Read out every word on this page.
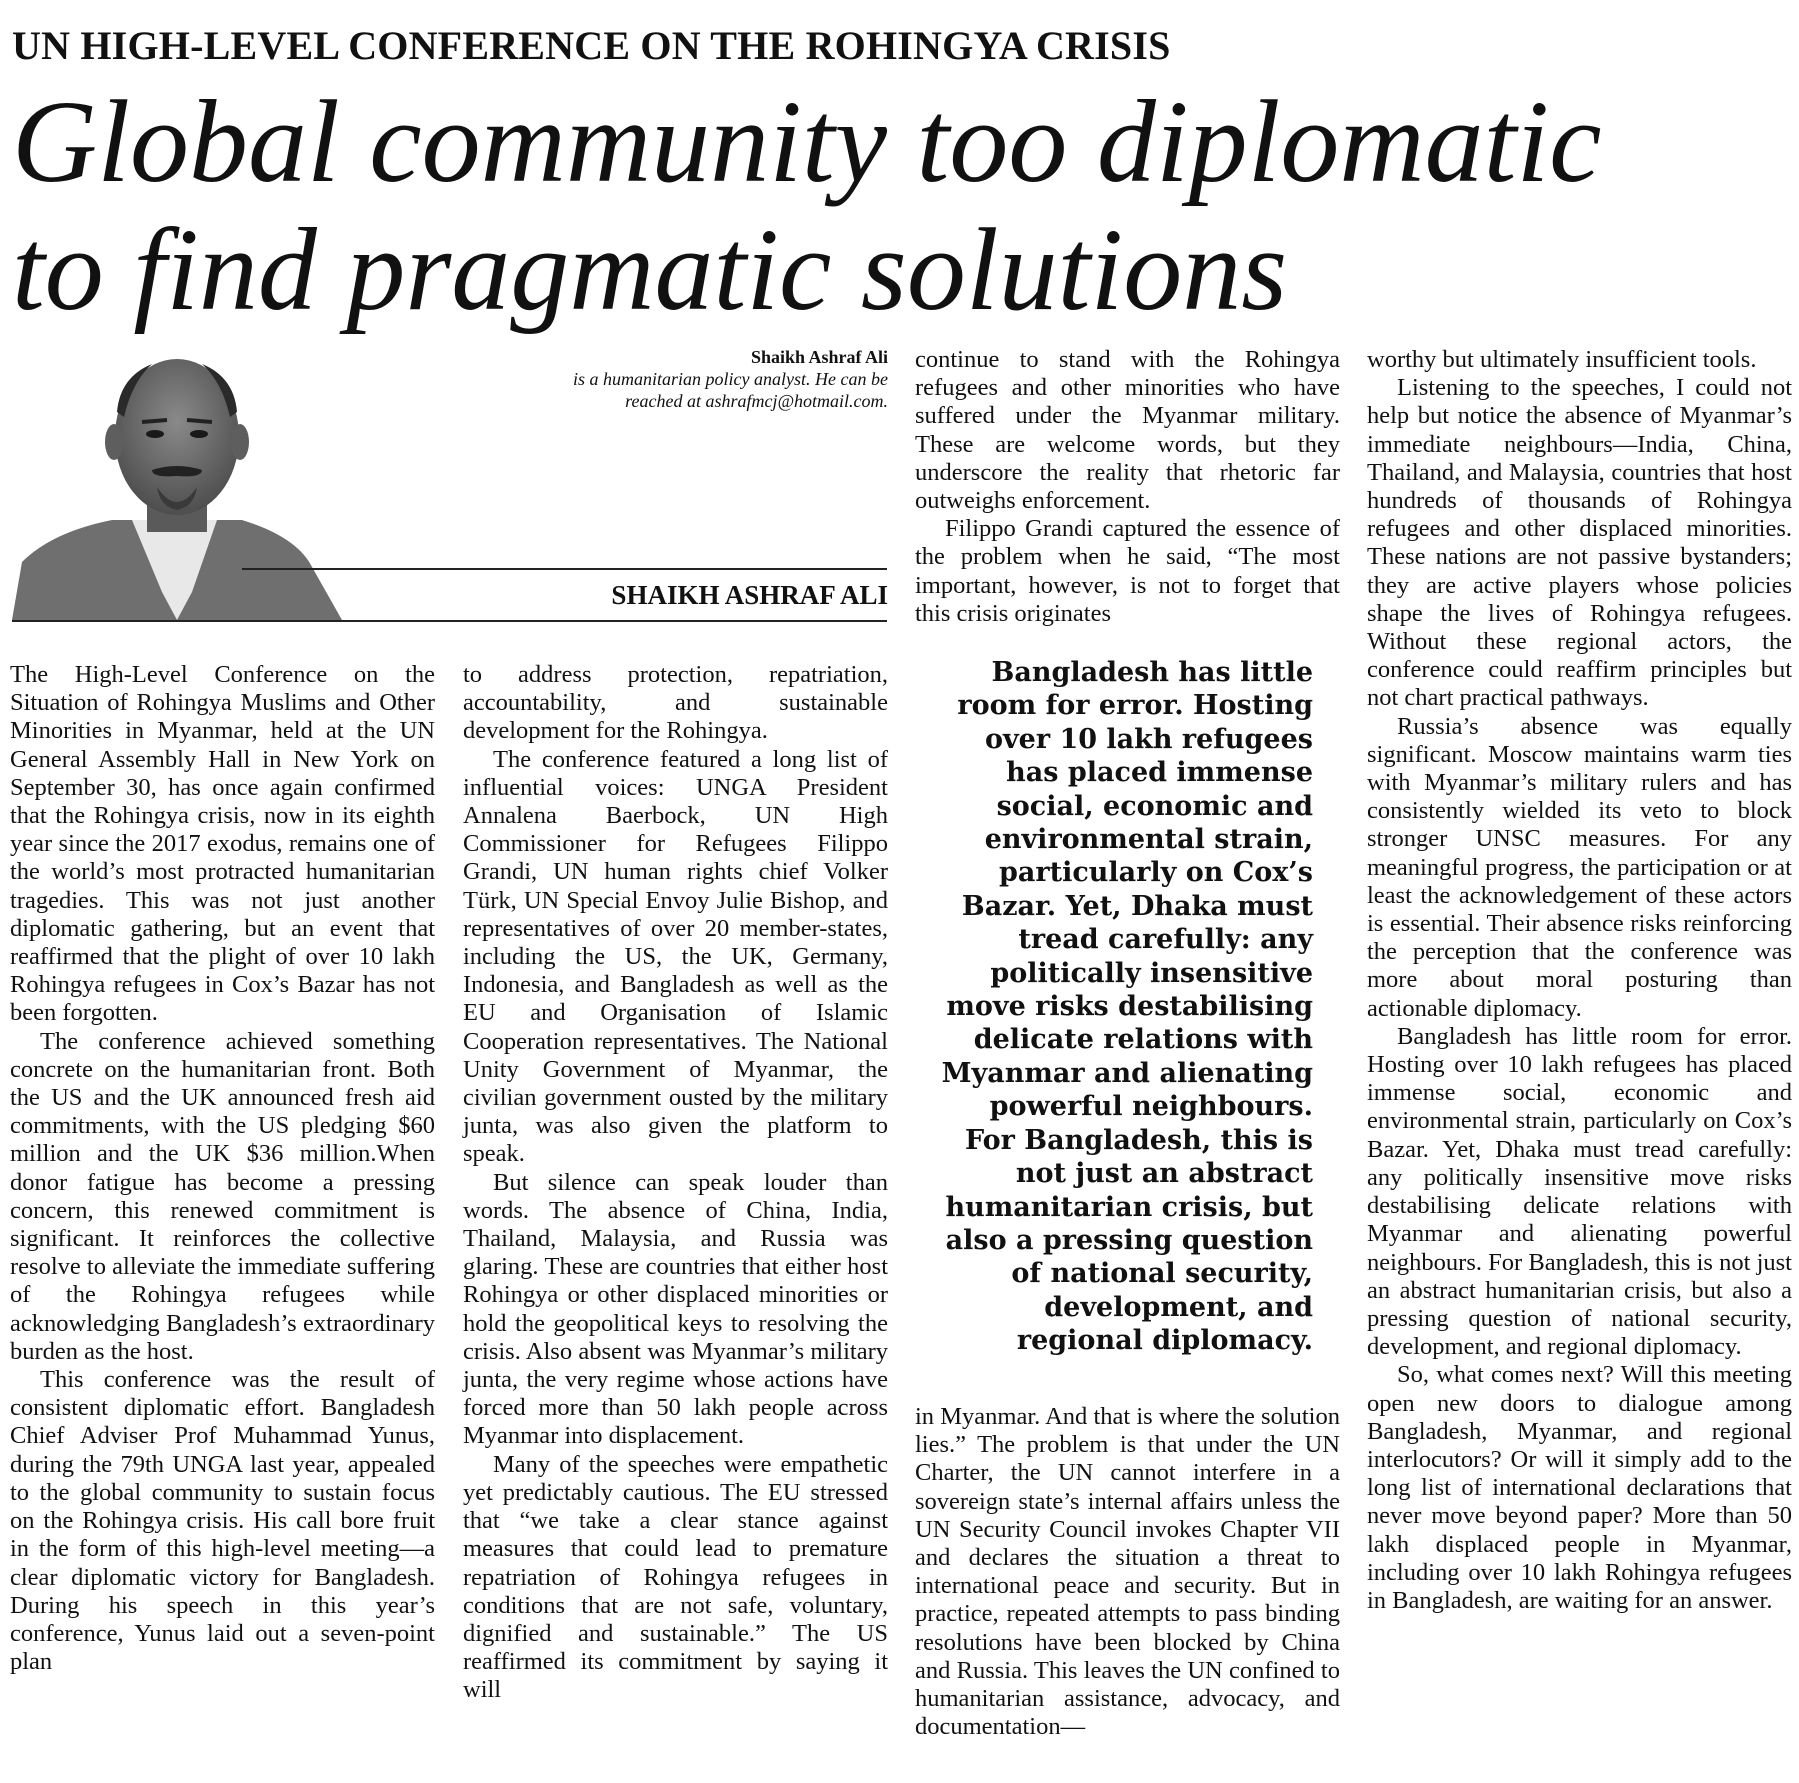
UN HIGH-LEVEL CONFERENCE ON THE ROHINGYA CRISIS
Global community too diplomatic
to find pragmatic solutions
Shaikh Ashraf Ali
is a humanitarian policy analyst. He can be
reached at ashrafmcj@hotmail.com.
SHAIKH ASHRAF ALI

The High-Level Conference on the Situation of Rohingya Muslims and Other Minorities in Myanmar, held at the UN General Assembly Hall in New York on September 30, has once again confirmed that the Rohingya crisis, now in its eighth year since the 2017 exodus, remains one of the world’s most protracted humanitarian tragedies. This was not just another diplomatic gathering, but an event that reaffirmed that the plight of over 10 lakh Rohingya refugees in Cox’s Bazar has not been forgotten.

The conference achieved something concrete on the humanitarian front. Both the US and the UK announced fresh aid commitments, with the US pledging $60 million and the UK $36 million.When donor fatigue has become a pressing concern, this renewed commitment is significant. It reinforces the collective resolve to alleviate the immediate suffering of the Rohingya refugees while acknowledging Bangladesh’s extraordinary burden as the host.

This conference was the result of consistent diplomatic effort. Bangladesh Chief Adviser Prof Muhammad Yunus, during the 79th UNGA last year, appealed to the global community to sustain focus on the Rohingya crisis. His call bore fruit in the form of this high-level meeting—a clear diplomatic victory for Bangladesh. During his speech in this year’s conference, Yunus laid out a seven-point plan

to address protection, repatriation, accountability, and sustainable development for the Rohingya.

The conference featured a long list of influential voices: UNGA President Annalena Baerbock, UN High Commissioner for Refugees Filippo Grandi, UN human rights chief Volker Türk, UN Special Envoy Julie Bishop, and representatives of over 20 member-states, including the US, the UK, Germany, Indonesia, and Bangladesh as well as the EU and Organisation of Islamic Cooperation representatives. The National Unity Government of Myanmar, the civilian government ousted by the military junta, was also given the platform to speak.

But silence can speak louder than words. The absence of China, India, Thailand, Malaysia, and Russia was glaring. These are countries that either host Rohingya or other displaced minorities or hold the geopolitical keys to resolving the crisis. Also absent was Myanmar’s military junta, the very regime whose actions have forced more than 50 lakh people across Myanmar into displacement.

Many of the speeches were empathetic yet predictably cautious. The EU stressed that “we take a clear stance against measures that could lead to premature repatriation of Rohingya refugees in conditions that are not safe, voluntary, dignified and sustainable.” The US reaffirmed its commitment by saying it will

continue to stand with the Rohingya refugees and other minorities who have suffered under the Myanmar military. These are welcome words, but they underscore the reality that rhetoric far outweighs enforcement.

Filippo Grandi captured the essence of the problem when he said, “The most important, however, is not to forget that this crisis originates

Bangladesh has little room for error. Hosting over 10 lakh refugees has placed immense social, economic and environmental strain, particularly on Cox’s Bazar. Yet, Dhaka must tread carefully: any politically insensitive move risks destabilising delicate relations with Myanmar and alienating powerful neighbours. For Bangladesh, this is not just an abstract humanitarian crisis, but also a pressing question of national security, development, and regional diplomacy.

in Myanmar. And that is where the solution lies.” The problem is that under the UN Charter, the UN cannot interfere in a sovereign state’s internal affairs unless the UN Security Council invokes Chapter VII and declares the situation a threat to international peace and security. But in practice, repeated attempts to pass binding resolutions have been blocked by China and Russia. This leaves the UN confined to humanitarian assistance, advocacy, and documentation—

worthy but ultimately insufficient tools.

Listening to the speeches, I could not help but notice the absence of Myanmar’s immediate neighbours—India, China, Thailand, and Malaysia, countries that host hundreds of thousands of Rohingya refugees and other displaced minorities. These nations are not passive bystanders; they are active players whose policies shape the lives of Rohingya refugees. Without these regional actors, the conference could reaffirm principles but not chart practical pathways.

Russia’s absence was equally significant. Moscow maintains warm ties with Myanmar’s military rulers and has consistently wielded its veto to block stronger UNSC measures. For any meaningful progress, the participation or at least the acknowledgement of these actors is essential. Their absence risks reinforcing the perception that the conference was more about moral posturing than actionable diplomacy.

Bangladesh has little room for error. Hosting over 10 lakh refugees has placed immense social, economic and environmental strain, particularly on Cox’s Bazar. Yet, Dhaka must tread carefully: any politically insensitive move risks destabilising delicate relations with Myanmar and alienating powerful neighbours. For Bangladesh, this is not just an abstract humanitarian crisis, but also a pressing question of national security, development, and regional diplomacy.

So, what comes next? Will this meeting open new doors to dialogue among Bangladesh, Myanmar, and regional interlocutors? Or will it simply add to the long list of international declarations that never move beyond paper? More than 50 lakh displaced people in Myanmar, including over 10 lakh Rohingya refugees in Bangladesh, are waiting for an answer.
